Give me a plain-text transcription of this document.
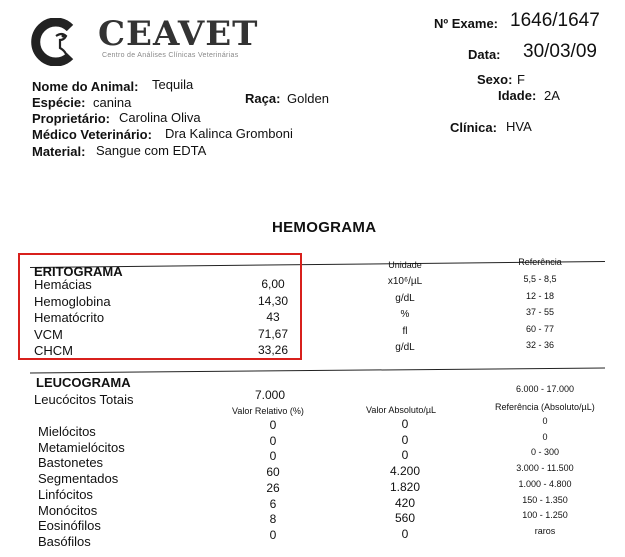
CEAVET
Centro de Análises Clínicas Veterinárias
Nº Exame: 1646/1647
Data: 30/03/09
Sexo: F
Idade: 2A
Nome do Animal: Tequila
Espécie: canina	Raça: Golden
Proprietário: Carolina Oliva
Médico Veterinário: Dra Kalinca Gromboni	Clínica: HVA
Material: Sangue com EDTA
HEMOGRAMA
ERITOGRAMA	Unidade	Referência
Hemácias	6,00	x10⁶/µL	5,5 - 8,5
Hemoglobina	14,30	g/dL	12 - 18
Hematócrito	43	%	37 - 55
VCM	71,67	fl	60 - 77
CHCM	33,26	g/dL	32 - 36
LEUCOGRAMA
Leucócitos Totais	7.000	6.000 - 17.000
Valor Relativo (%)	Valor Absoluto/µL	Referência (Absoluto/µL)
Mielócitos	0	0	0
Metamielócitos	0	0	0
Bastonetes	0	0	0 - 300
Segmentados	60	4.200	3.000 - 11.500
Linfócitos	26	1.820	1.000 - 4.800
Monócitos	6	420	150 - 1.350
Eosinófilos	8	560	100 - 1.250
Basófilos	0	0	raros
